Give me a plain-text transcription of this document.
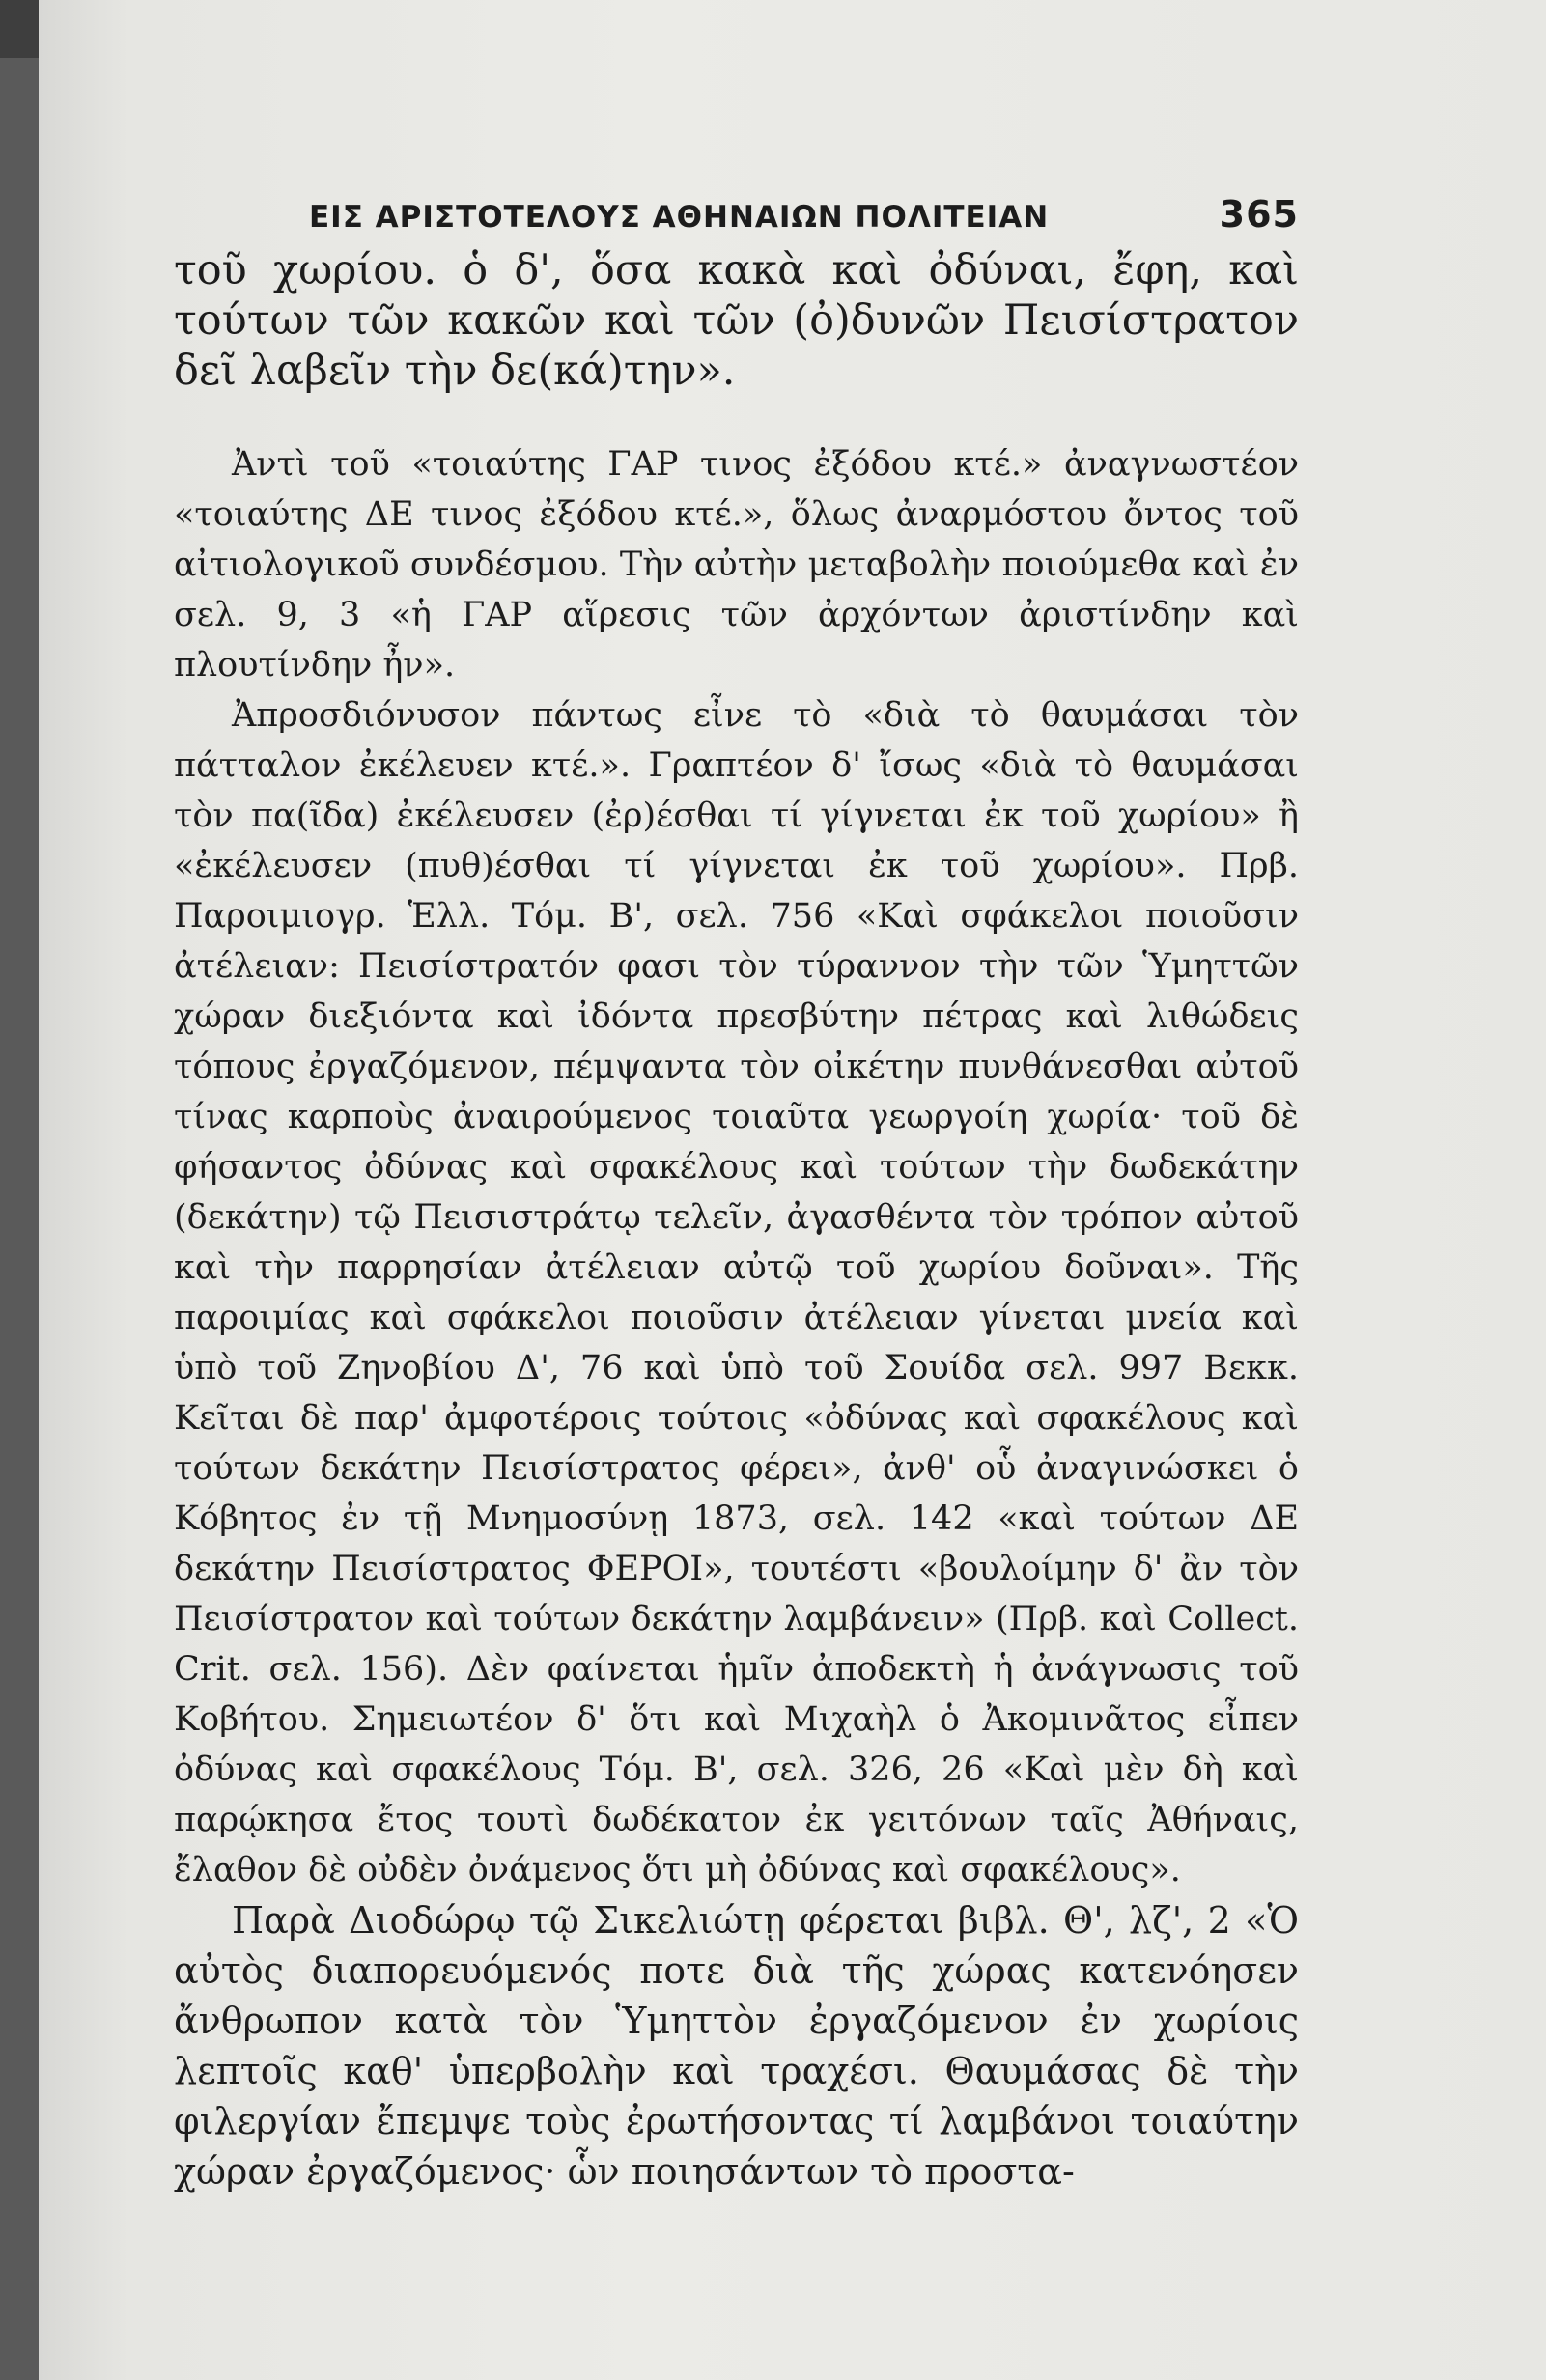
ΕΙΣ ΑΡΙΣΤΟΤΕΛΟΥΣ ΑΘΗΝΑΙΩΝ ΠΟΛΙΤΕΙΑΝ	365
τοῦ χωρίου. ὁ δ', ὅσα κακὰ καὶ ὀδύναι, ἔφη, καὶ τούτων τῶν κακῶν καὶ τῶν (ὀ)δυνῶν Πεισίστρατον δεῖ λαβεῖν τὴν δε(κά)την».

Ἀντὶ τοῦ «τοιαύτης ΓΑΡ τινος ἐξόδου κτέ.» ἀναγνωστέον «τοιαύτης ΔΕ τινος ἐξόδου κτέ.», ὅλως ἀναρμόστου ὄντος τοῦ αἰτιολογικοῦ συνδέσμου. Τὴν αὐτὴν μεταβολὴν ποιούμεθα καὶ ἐν σελ. 9, 3 «ἡ ΓΑΡ αἵρεσις τῶν ἀρχόντων ἀριστίνδην καὶ πλουτίνδην ἦν».

Ἀπροσδιόνυσον πάντως εἶνε τὸ «διὰ τὸ θαυμάσαι τὸν πάτταλον ἐκέλευεν κτέ.». Γραπτέον δ' ἴσως «διὰ τὸ θαυμάσαι τὸν πα(ῖδα) ἐκέλευσεν (ἐρ)έσθαι τί γίγνεται ἐκ τοῦ χωρίου» ἢ «ἐκέλευσεν (πυθ)έσθαι τί γίγνεται ἐκ τοῦ χωρίου». Πρβ. Παροιμιογρ. Ἑλλ. Τόμ. Β', σελ. 756 «Καὶ σφάκελοι ποιοῦσιν ἀτέλειαν: Πεισίστρατόν φασι τὸν τύραννον τὴν τῶν Ὑμηττῶν χώραν διεξιόντα καὶ ἰδόντα πρεσβύτην πέτρας καὶ λιθώδεις τόπους ἐργαζόμενον, πέμψαντα τὸν οἰκέτην πυνθάνεσθαι αὐτοῦ τίνας καρποὺς ἀναιρούμενος τοιαῦτα γεωργοίη χωρία· τοῦ δὲ φήσαντος ὀδύνας καὶ σφακέλους καὶ τούτων τὴν δωδεκάτην (δεκάτην) τῷ Πεισιστράτῳ τελεῖν, ἀγασθέντα τὸν τρόπον αὐτοῦ καὶ τὴν παρρησίαν ἀτέλειαν αὐτῷ τοῦ χωρίου δοῦναι». Τῆς παροιμίας καὶ σφάκελοι ποιοῦσιν ἀτέλειαν γίνεται μνεία καὶ ὑπὸ τοῦ Ζηνοβίου Δ', 76 καὶ ὑπὸ τοῦ Σουίδα σελ. 997 Βεκκ. Κεῖται δὲ παρ' ἀμφοτέροις τούτοις «ὀδύνας καὶ σφακέλους καὶ τούτων δεκάτην Πεισίστρατος φέρει», ἀνθ' οὗ ἀναγινώσκει ὁ Κόβητος ἐν τῇ Μνημοσύνῃ 1873, σελ. 142 «καὶ τούτων ΔΕ δεκάτην Πεισίστρατος ΦΕΡΟΙ», τουτέστι «βουλοίμην δ' ἂν τὸν Πεισίστρατον καὶ τούτων δεκάτην λαμβάνειν» (Πρβ. καὶ Collect. Crit. σελ. 156). Δὲν φαίνεται ἡμῖν ἀποδεκτὴ ἡ ἀνάγνωσις τοῦ Κοβήτου. Σημειωτέον δ' ὅτι καὶ Μιχαὴλ ὁ Ἀκομινᾶτος εἶπεν ὀδύνας καὶ σφακέλους Τόμ. Β', σελ. 326, 26 «Καὶ μὲν δὴ καὶ παρῴκησα ἔτος τουτὶ δωδέκατον ἐκ γειτόνων ταῖς Ἀθήναις, ἔλαθον δὲ οὐδὲν ὀνάμενος ὅτι μὴ ὀδύνας καὶ σφακέλους».

Παρὰ Διοδώρῳ τῷ Σικελιώτῃ φέρεται βιβλ. Θ', λζ', 2 «Ὁ αὐτὸς διαπορευόμενός ποτε διὰ τῆς χώρας κατενόησεν ἄνθρωπον κατὰ τὸν Ὑμηττὸν ἐργαζόμενον ἐν χωρίοις λεπτοῖς καθ' ὑπερβολὴν καὶ τραχέσι. Θαυμάσας δὲ τὴν φιλεργίαν ἔπεμψε τοὺς ἐρωτήσοντας τί λαμβάνοι τοιαύτην χώραν ἐργαζόμενος· ὧν ποιησάντων τὸ προστα-
